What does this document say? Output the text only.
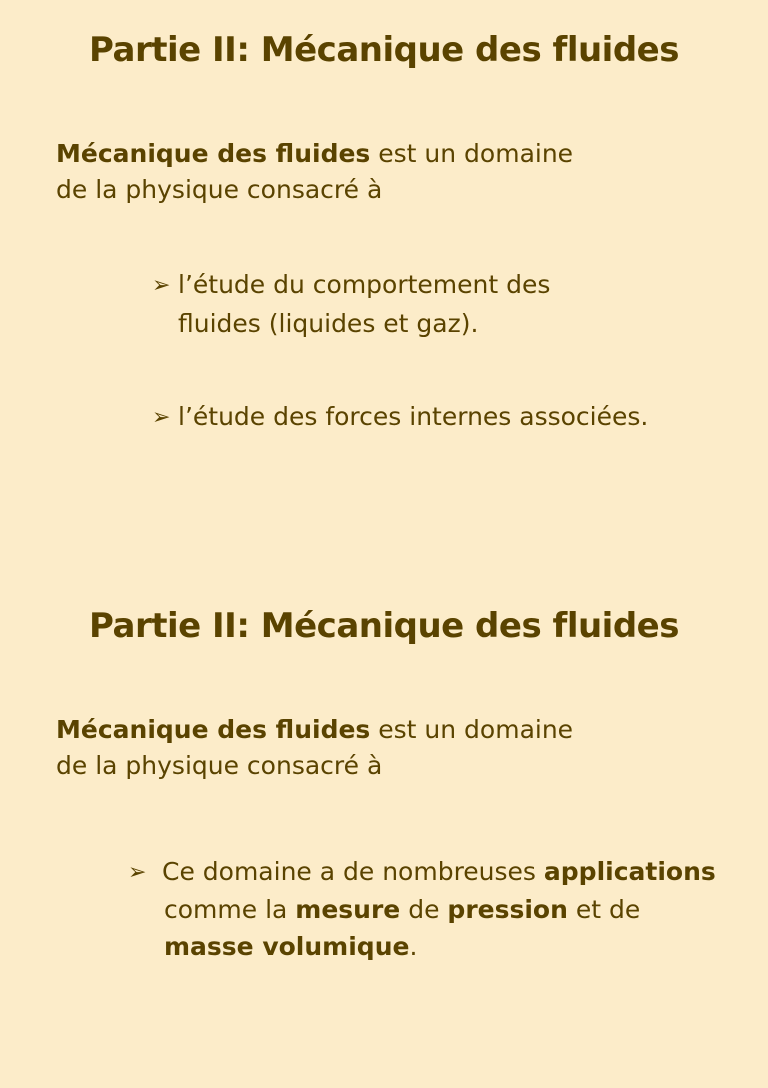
Partie II: Mécanique des fluides

Mécanique des fluides est un domaine
de la physique consacré à

➢ l’étude du comportement des
fluides (liquides et gaz).

➢ l’étude des forces internes associées.

Partie II: Mécanique des fluides

Mécanique des fluides est un domaine
de la physique consacré à

➢ Ce domaine a de nombreuses applications
comme la mesure de pression et de
masse volumique.
